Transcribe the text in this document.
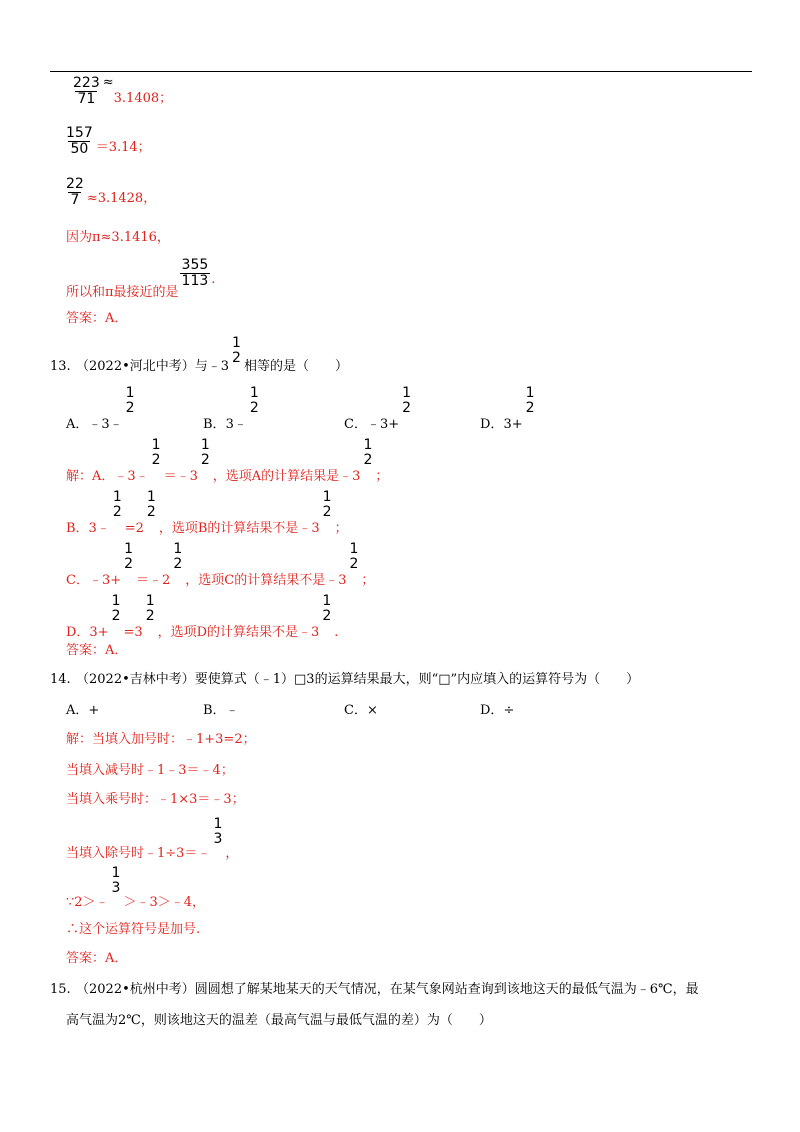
$\frac{223}{71} \approx 3.1408$；
$\frac{157}{50} =3.14$；
$\frac{22}{7} \approx 3.1428$，
因为π≈3.1416，
所以和π最接近的是
$\frac{355}{113}$ .
答案：A．
13. （2022•河北中考）与﹣3
1
2
相等的是（　　）
A．﹣3﹣
1
2
B．3﹣
1
2
C．﹣3+
1
2
D．3+
1
2
解：A．﹣3﹣
1
2
＝﹣3
1
2
，选项A的计算结果是﹣3
1
2
；
B．3﹣
1
2
=2
1
2
，选项B的计算结果不是﹣3
1
2
；
C．﹣3+
1
2
＝﹣2
1
2
，选项C的计算结果不是﹣3
1
2
；
D．3+
1
2
=3
1
2
，选项D的计算结果不是﹣3
1
2
.
答案：A．
14. （2022•吉林中考）要使算式（﹣1）□3的运算结果最大，则“□”内应填入的运算符号为（　　）
A．+	B．﹣	C．×	D．÷
解：当填入加号时：﹣1+3=2；
当填入减号时﹣1﹣3＝﹣4；
当填入乘号时：﹣1×3＝﹣3；
当填入除号时﹣1÷3＝﹣
1
3
，
∵2＞﹣
1
3
＞﹣3＞﹣4，
∴这个运算符号是加号.
答案：A．
15. （2022•杭州中考）圆圆想了解某地某天的天气情况，在某气象网站查询到该地这天的最低气温为﹣6℃，最
高气温为2℃，则该地这天的温差（最高气温与最低气温的差）为（　　）
